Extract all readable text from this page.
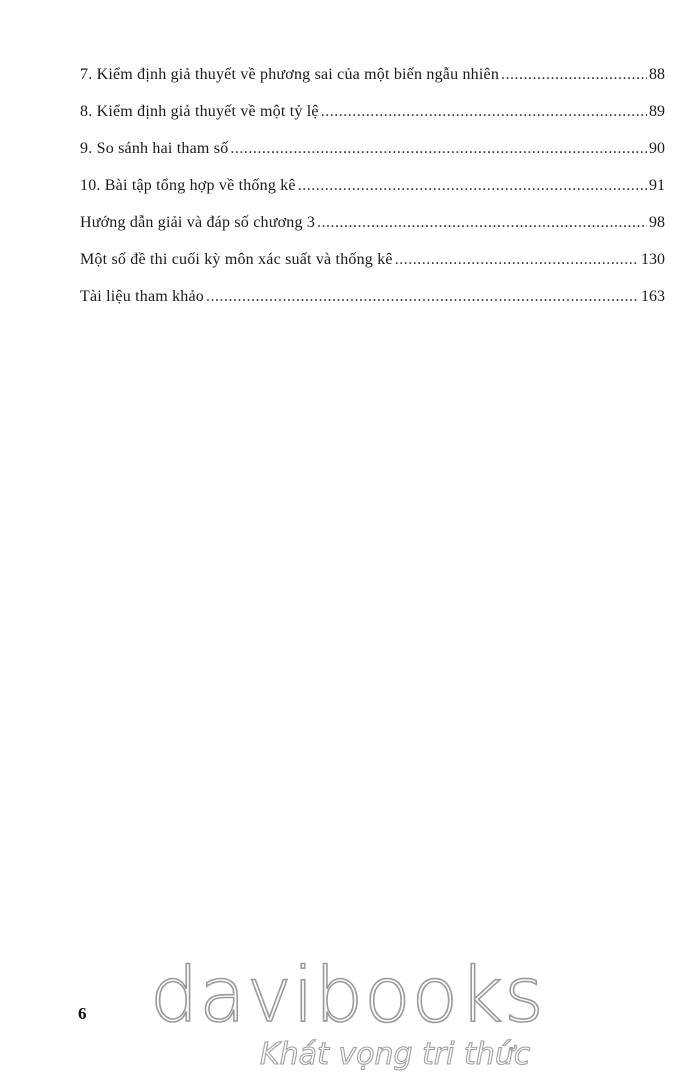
7. Kiểm định giả thuyết về phương sai của một biến ngẫu nhiên .....	88
8. Kiểm định giả thuyết về một tỷ lệ .....	89
9. So sánh hai tham số .....	90
10. Bài tập tổng hợp về thống kê .....	91
Hướng dẫn giải và đáp số chương 3 .....	98
Một số đề thi cuối kỳ môn xác suất và thống kê .....	130
Tài liệu tham khảo .....	163
6 davibooks
Khát vọng tri thức
